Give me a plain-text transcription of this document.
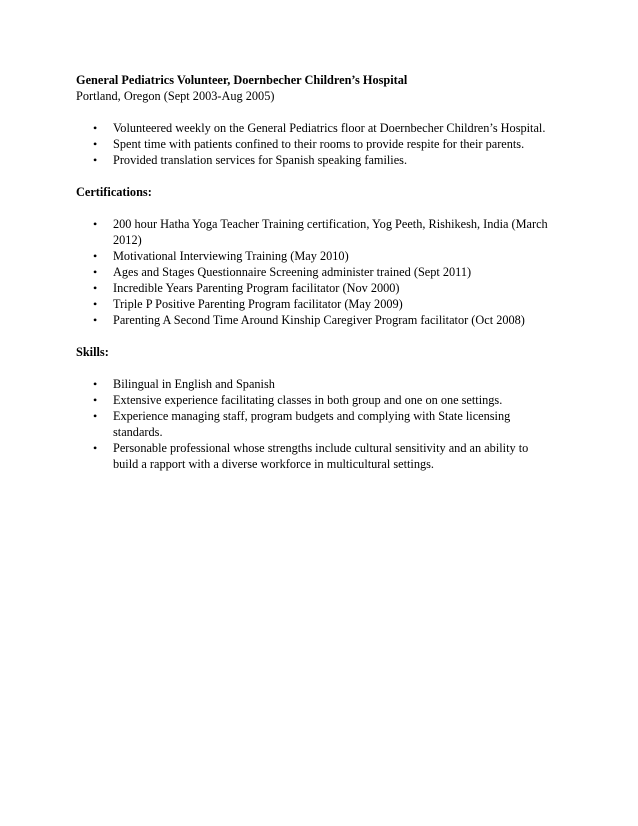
General Pediatrics Volunteer, Doernbecher Children’s Hospital

Portland, Oregon (Sept 2003-Aug 2005)

• Volunteered weekly on the General Pediatrics floor at Doernbecher Children’s Hospital.
• Spent time with patients confined to their rooms to provide respite for their parents.
• Provided translation services for Spanish speaking families.

Certifications:

• 200 hour Hatha Yoga Teacher Training certification, Yog Peeth, Rishikesh, India (March 2012)
• Motivational Interviewing Training (May 2010)
• Ages and Stages Questionnaire Screening administer trained (Sept 2011)
• Incredible Years Parenting Program facilitator (Nov 2000)
• Triple P Positive Parenting Program facilitator (May 2009)
• Parenting A Second Time Around Kinship Caregiver Program facilitator (Oct 2008)

Skills:

• Bilingual in English and Spanish
• Extensive experience facilitating classes in both group and one on one settings.
• Experience managing staff, program budgets and complying with State licensing standards.
• Personable professional whose strengths include cultural sensitivity and an ability to build a rapport with a diverse workforce in multicultural settings.
